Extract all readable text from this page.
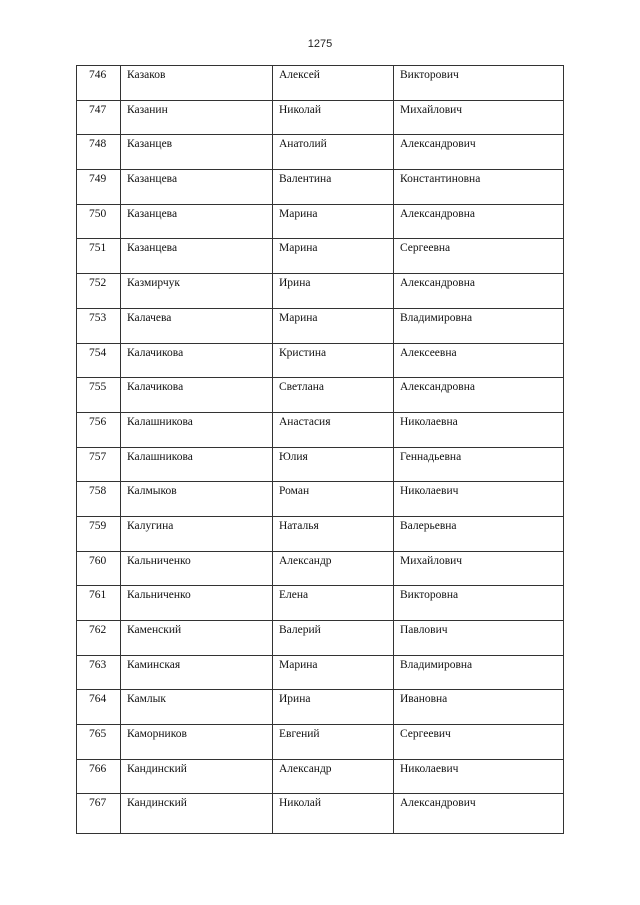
1275
746	Казаков	Алексей	Викторович
747	Казанин	Николай	Михайлович
748	Казанцев	Анатолий	Александрович
749	Казанцева	Валентина	Константиновна
750	Казанцева	Марина	Александровна
751	Казанцева	Марина	Сергеевна
752	Казмирчук	Ирина	Александровна
753	Калачева	Марина	Владимировна
754	Калачикова	Кристина	Алексеевна
755	Калачикова	Светлана	Александровна
756	Калашникова	Анастасия	Николаевна
757	Калашникова	Юлия	Геннадьевна
758	Калмыков	Роман	Николаевич
759	Калугина	Наталья	Валерьевна
760	Кальниченко	Александр	Михайлович
761	Кальниченко	Елена	Викторовна
762	Каменский	Валерий	Павлович
763	Каминская	Марина	Владимировна
764	Камлык	Ирина	Ивановна
765	Каморников	Евгений	Сергеевич
766	Кандинский	Александр	Николаевич
767	Кандинский	Николай	Александрович
